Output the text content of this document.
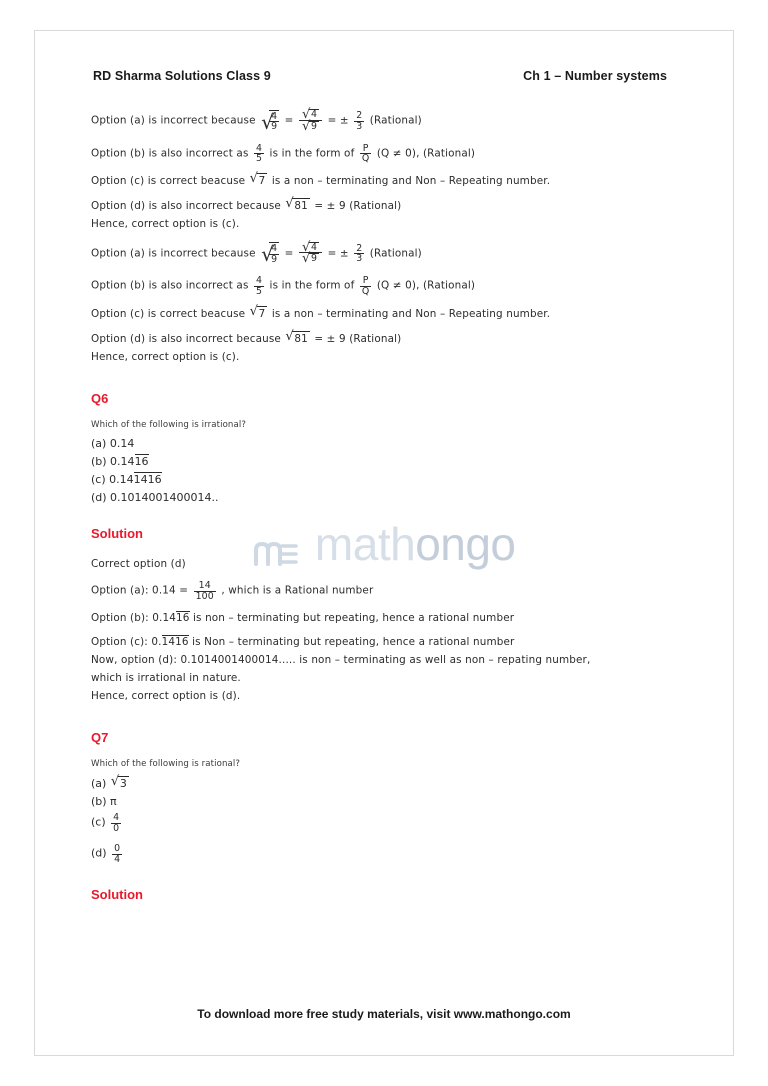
RD Sharma Solutions Class 9	Ch 1 – Number systems
mathongo

Option (a) is incorrect because √ $\frac{4}{9}$ = √ 4
√ 9 = ± $\frac{2}{3}$ (Rational)

Option (b) is also incorrect as $\frac{4}{5}$ is in the form of $\frac{P}{Q} (Q \ne 0)$, (Rational)

Option (c) is correct beacuse √ 7 is a non – terminating and Non – Repeating number.

Option (d) is also incorrect because √ 81 = ± 9 (Rational)

Hence, correct option is (c).

Option (a) is incorrect because √ $\frac{4}{9}$ = √ 4
√ 9 = ± $\frac{2}{3}$ (Rational)

Option (b) is also incorrect as $\frac{4}{5}$ is in the form of $\frac{P}{Q} (Q \ne 0)$, (Rational)

Option (c) is correct beacuse √ 7 is a non – terminating and Non – Repeating number.

Option (d) is also incorrect because √ 81 = ± 9 (Rational)

Hence, correct option is (c).

Q6

Which of the following is irrational?

(a) 0.14

(b) 0.1416

(c) 0.141416

(d) 0.1014001400014..

Solution

Correct option (d)

Option (a): $0.14 = \frac{14}{100}$ , which is a Rational number

Option (b): 0.1416 is non – terminating but repeating, hence a rational number

Option (c): 0.1416 is Non – terminating but repeating, hence a rational number

Now, option (d): 0.1014001400014..... is non – terminating as well as non – repating number,

which is irrational in nature.

Hence, correct option is (d).

Q7

Which of the following is rational?

(a) √ 3

(b) π

$(c) \frac{4}{0}$

$(d) \frac{0}{4}$

Solution
To download more free study materials, visit www.mathongo.com
